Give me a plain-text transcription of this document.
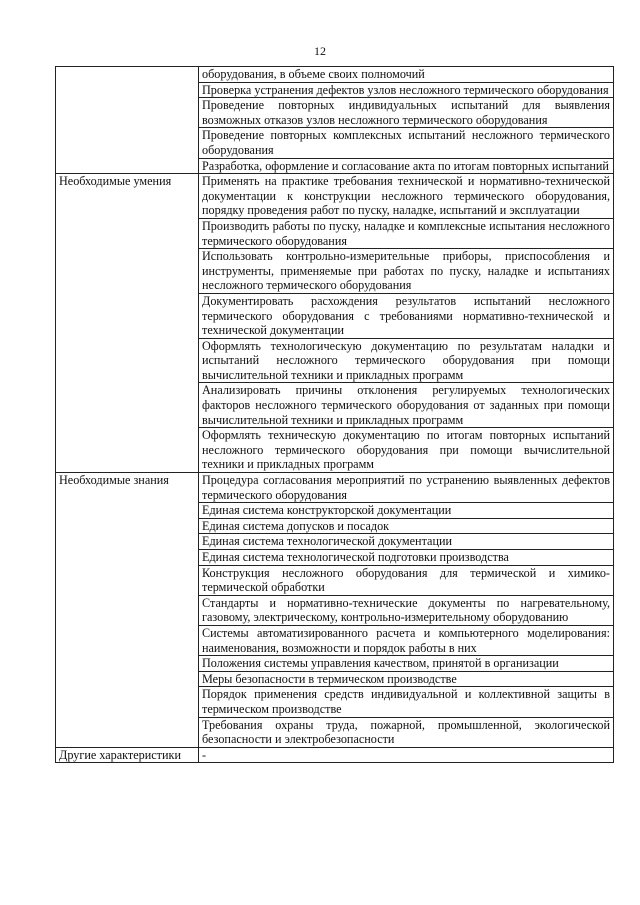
12
	оборудования, в объеме своих полномочий
	Проверка устранения дефектов узлов несложного термического оборудования
	Проведение повторных индивидуальных испытаний для выявления возможных отказов узлов несложного термического оборудования
	Проведение повторных комплексных испытаний несложного термического оборудования
	Разработка, оформление и согласование акта по итогам повторных испытаний
Необходимые умения	Применять на практике требования технической и нормативно-технической документации к конструкции несложного термического оборудования, порядку проведения работ по пуску, наладке, испытаний и эксплуатации
	Производить работы по пуску, наладке и комплексные испытания несложного термического оборудования
	Использовать контрольно-измерительные приборы, приспособления и инструменты, применяемые при работах по пуску, наладке и испытаниях несложного термического оборудования
	Документировать расхождения результатов испытаний несложного термического оборудования с требованиями нормативно-технической и технической документации
	Оформлять технологическую документацию по результатам наладки и испытаний несложного термического оборудования при помощи вычислительной техники и прикладных программ
	Анализировать причины отклонения регулируемых технологических факторов несложного термического оборудования от заданных при помощи вычислительной техники и прикладных программ
	Оформлять техническую документацию по итогам повторных испытаний несложного термического оборудования при помощи вычислительной техники и прикладных программ
Необходимые знания	Процедура согласования мероприятий по устранению выявленных дефектов термического оборудования
	Единая система конструкторской документации
	Единая система допусков и посадок
	Единая система технологической документации
	Единая система технологической подготовки производства
	Конструкция несложного оборудования для термической и химико-термической обработки
	Стандарты и нормативно-технические документы по нагревательному, газовому, электрическому, контрольно-измерительному оборудованию
	Системы автоматизированного расчета и компьютерного моделирования: наименования, возможности и порядок работы в них
	Положения системы управления качеством, принятой в организации
	Меры безопасности в термическом производстве
	Порядок применения средств индивидуальной и коллективной защиты в термическом производстве
	Требования охраны труда, пожарной, промышленной, экологической безопасности и электробезопасности
Другие характеристики	-
